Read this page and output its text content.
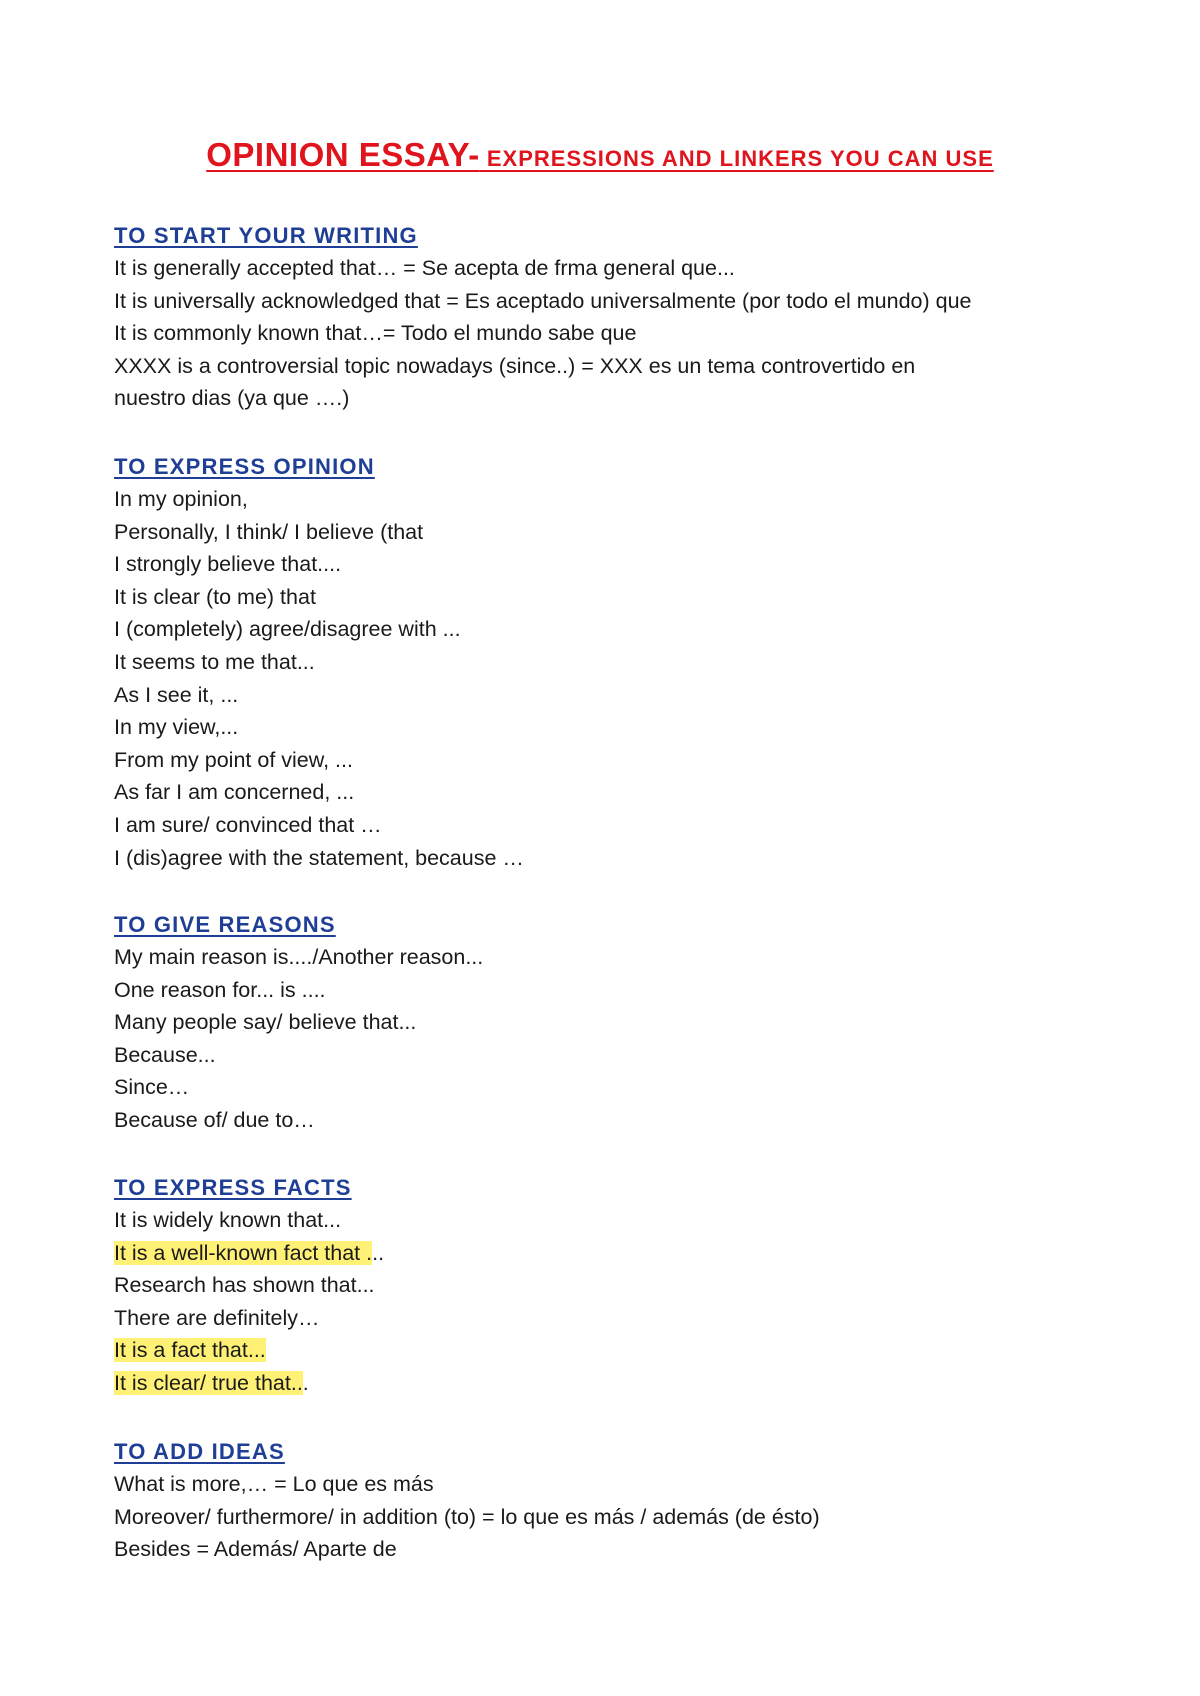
OPINION ESSAY- EXPRESSIONS AND LINKERS YOU CAN USE
TO START YOUR WRITING
It is generally accepted that… = Se acepta de frma general que...
It is universally acknowledged that = Es aceptado universalmente (por todo el mundo) que
It is commonly known that…= Todo el mundo sabe que
XXXX is a controversial topic nowadays (since..) = XXX es un tema controvertido en
nuestro dias (ya que ….)
TO EXPRESS OPINION
In my opinion,
Personally, I think/ I believe (that
I strongly believe that....
It is clear (to me) that
I (completely) agree/disagree with ...
It seems to me that...
As I see it, ...
In my view,...
From my point of view, ...
As far I am concerned, ...
I am sure/ convinced that …
I (dis)agree with the statement, because …
TO GIVE REASONS
My main reason is..../Another reason...
One reason for... is ....
Many people say/ believe that...
Because...
Since…
Because of/ due to…
TO EXPRESS FACTS
It is widely known that...
It is a well-known fact that ...
Research has shown that...
There are definitely…
It is a fact that...
It is clear/ true that...
TO ADD IDEAS
What is more,… = Lo que es más
Moreover/ furthermore/ in addition (to) = lo que es más / además (de ésto)
Besides = Además/ Aparte de
